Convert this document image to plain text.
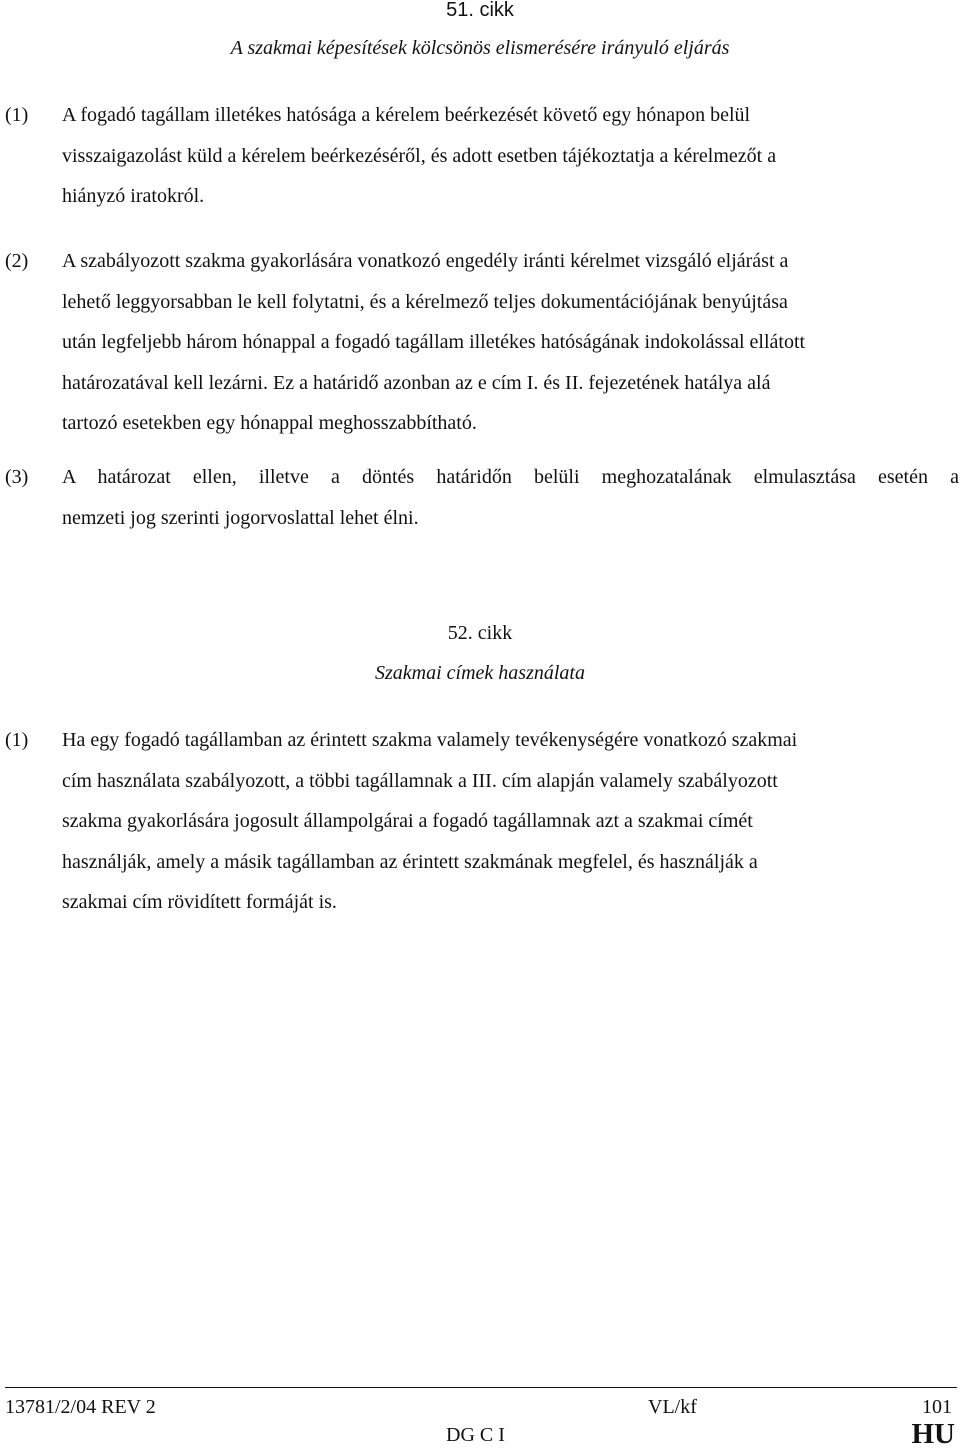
51. cikk

A szakmai képesítések kölcsönös elismerésére irányuló eljárás

(1)	A fogadó tagállam illetékes hatósága a kérelem beérkezését követő egy hónapon belül
visszaigazolást küld a kérelem beérkezéséről, és adott esetben tájékoztatja a kérelmezőt a
hiányzó iratokról.
(2)	A szabályozott szakma gyakorlására vonatkozó engedély iránti kérelmet vizsgáló eljárást a
lehető leggyorsabban le kell folytatni, és a kérelmező teljes dokumentációjának benyújtása
után legfeljebb három hónappal a fogadó tagállam illetékes hatóságának indokolással ellátott
határozatával kell lezárni. Ez a határidő azonban az e cím I. és II. fejezetének hatálya alá
tartozó esetekben egy hónappal meghosszabbítható.
(3)	A határozat ellen, illetve a döntés határidőn belüli meghozatalának elmulasztása esetén a
nemzeti jog szerinti jogorvoslattal lehet élni.

52. cikk

Szakmai címek használata

(1)	Ha egy fogadó tagállamban az érintett szakma valamely tevékenységére vonatkozó szakmai
cím használata szabályozott, a többi tagállamnak a III. cím alapján valamely szabályozott
szakma gyakorlására jogosult állampolgárai a fogadó tagállamnak azt a szakmai címét
használják, amely a másik tagállamban az érintett szakmának megfelel, és használják a
szakmai cím rövidített formáját is.
13781/2/04 REV 2	VL/kf	101
DG C I	HU
